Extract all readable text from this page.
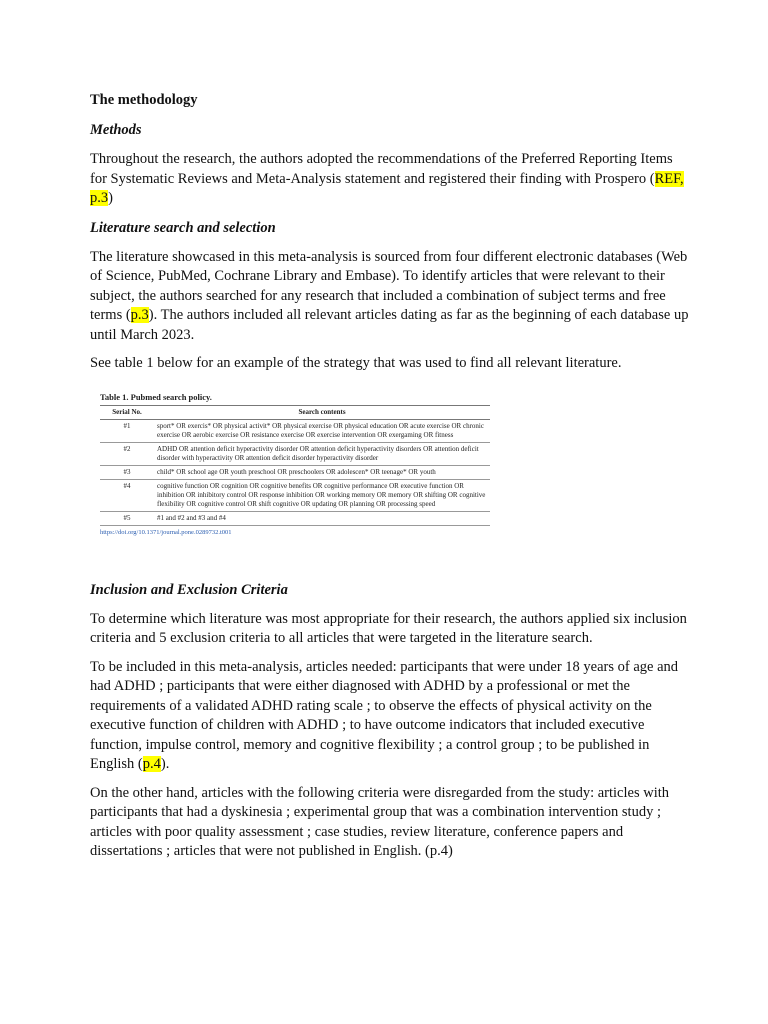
The methodology
Methods

Throughout the research, the authors adopted the recommendations of the Preferred Reporting Items for Systematic Reviews and Meta-Analysis statement and registered their finding with Prospero (REF, p.3)

Literature search and selection

The literature showcased in this meta-analysis is sourced from four different electronic databases (Web of Science, PubMed, Cochrane Library and Embase). To identify articles that were relevant to their subject, the authors searched for any research that included a combination of subject terms and free terms (p.3). The authors included all relevant articles dating as far as the beginning of each database up until March 2023.

See table 1 below for an example of the strategy that was used to find all relevant literature.

Table 1. Pubmed search policy.
Serial No.	Search contents
#1	sport* OR exercis* OR physical activit* OR physical exercise OR physical education OR acute exercise OR chronic exercise OR aerobic exercise OR resistance exercise OR exercise intervention OR exergaming OR fitness
#2	ADHD OR attention deficit hyperactivity disorder OR attention deficit hyperactivity disorders OR attention deficit disorder with hyperactivity OR attention deficit disorder hyperactivity disorder
#3	child* OR school age OR youth preschool OR preschoolers OR adolescen* OR teenage* OR youth
#4	cognitive function OR cognition OR cognitive benefits OR cognitive performance OR executive function OR inhibition OR inhibitory control OR response inhibition OR working memory OR memory OR shifting OR cognitive flexibility OR cognitive control OR shift cognitive OR updating OR planning OR processing speed
#5	#1 and #2 and #3 and #4
https://doi.org/10.1371/journal.pone.0289732.t001
Inclusion and Exclusion Criteria

To determine which literature was most appropriate for their research, the authors applied six inclusion criteria and 5 exclusion criteria to all articles that were targeted in the literature search.

To be included in this meta-analysis, articles needed: participants that were under 18 years of age and had ADHD ; participants that were either diagnosed with ADHD by a professional or met the requirements of a validated ADHD rating scale ; to observe the effects of physical activity on the executive function of children with ADHD ; to have outcome indicators that included executive function, impulse control, memory and cognitive flexibility ; a control group ; to be published in English (p.4).

On the other hand, articles with the following criteria were disregarded from the study: articles with participants that had a dyskinesia ; experimental group that was a combination intervention study ; articles with poor quality assessment ; case studies, review literature, conference papers and dissertations ; articles that were not published in English. (p.4)
